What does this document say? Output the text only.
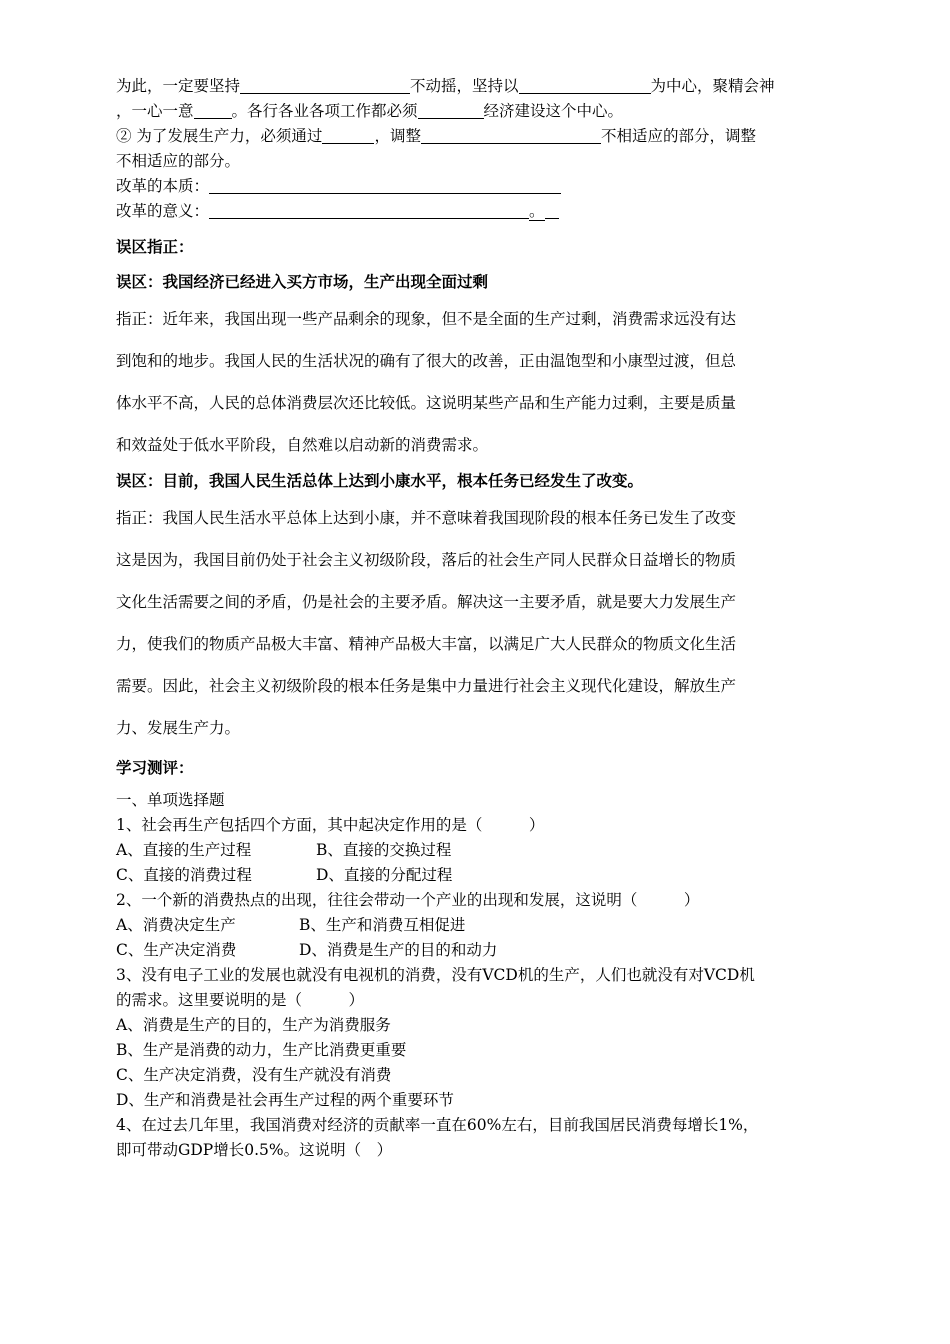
为此，一定要坚持	不动摇，坚持以	为中心，聚精会神
，一心一意 。各行各业各项工作都必须	经济建设这个中心。
② 为了发展生产力，必须通过	，调整	不相适应的部分，调整
不相适应的部分。
改革的本质：
改革的意义：	。
误区指正：
误区：我国经济已经进入买方市场，生产出现全面过剩
指正：近年来，我国出现一些产品剩余的现象，但不是全面的生产过剩，消费需求远没有达
到饱和的地步。我国人民的生活状况的确有了很大的改善，正由温饱型和小康型过渡，但总
体水平不高，人民的总体消费层次还比较低。这说明某些产品和生产能力过剩，主要是质量
和效益处于低水平阶段，自然难以启动新的消费需求。
误区：目前，我国人民生活总体上达到小康水平，根本任务已经发生了改变。
指正：我国人民生活水平总体上达到小康，并不意味着我国现阶段的根本任务已发生了改变
这是因为，我国目前仍处于社会主义初级阶段，落后的社会生产同人民群众日益增长的物质
文化生活需要之间的矛盾，仍是社会的主要矛盾。解决这一主要矛盾，就是要大力发展生产
力，使我们的物质产品极大丰富、精神产品极大丰富，以满足广大人民群众的物质文化生活
需要。因此，社会主义初级阶段的根本任务是集中力量进行社会主义现代化建设，解放生产
力、发展生产力。
学习测评：
一、单项选择题
1、社会再生产包括四个方面，其中起决定作用的是（　　　）
A、直接的生产过程	B、直接的交换过程
C、直接的消费过程	D、直接的分配过程
2、一个新的消费热点的出现，往往会带动一个产业的出现和发展，这说明（　　　）
A、消费决定生产	B、生产和消费互相促进
C、生产决定消费	D、消费是生产的目的和动力
3、没有电子工业的发展也就没有电视机的消费，没有VCD机的生产，人们也就没有对VCD机
的需求。这里要说明的是（　　　）
A、消费是生产的目的，生产为消费服务
B、生产是消费的动力，生产比消费更重要
C、生产决定消费，没有生产就没有消费
D、生产和消费是社会再生产过程的两个重要环节
4、在过去几年里，我国消费对经济的贡献率一直在60%左右，目前我国居民消费每增长1%，
即可带动GDP增长0.5%。这说明（　）
